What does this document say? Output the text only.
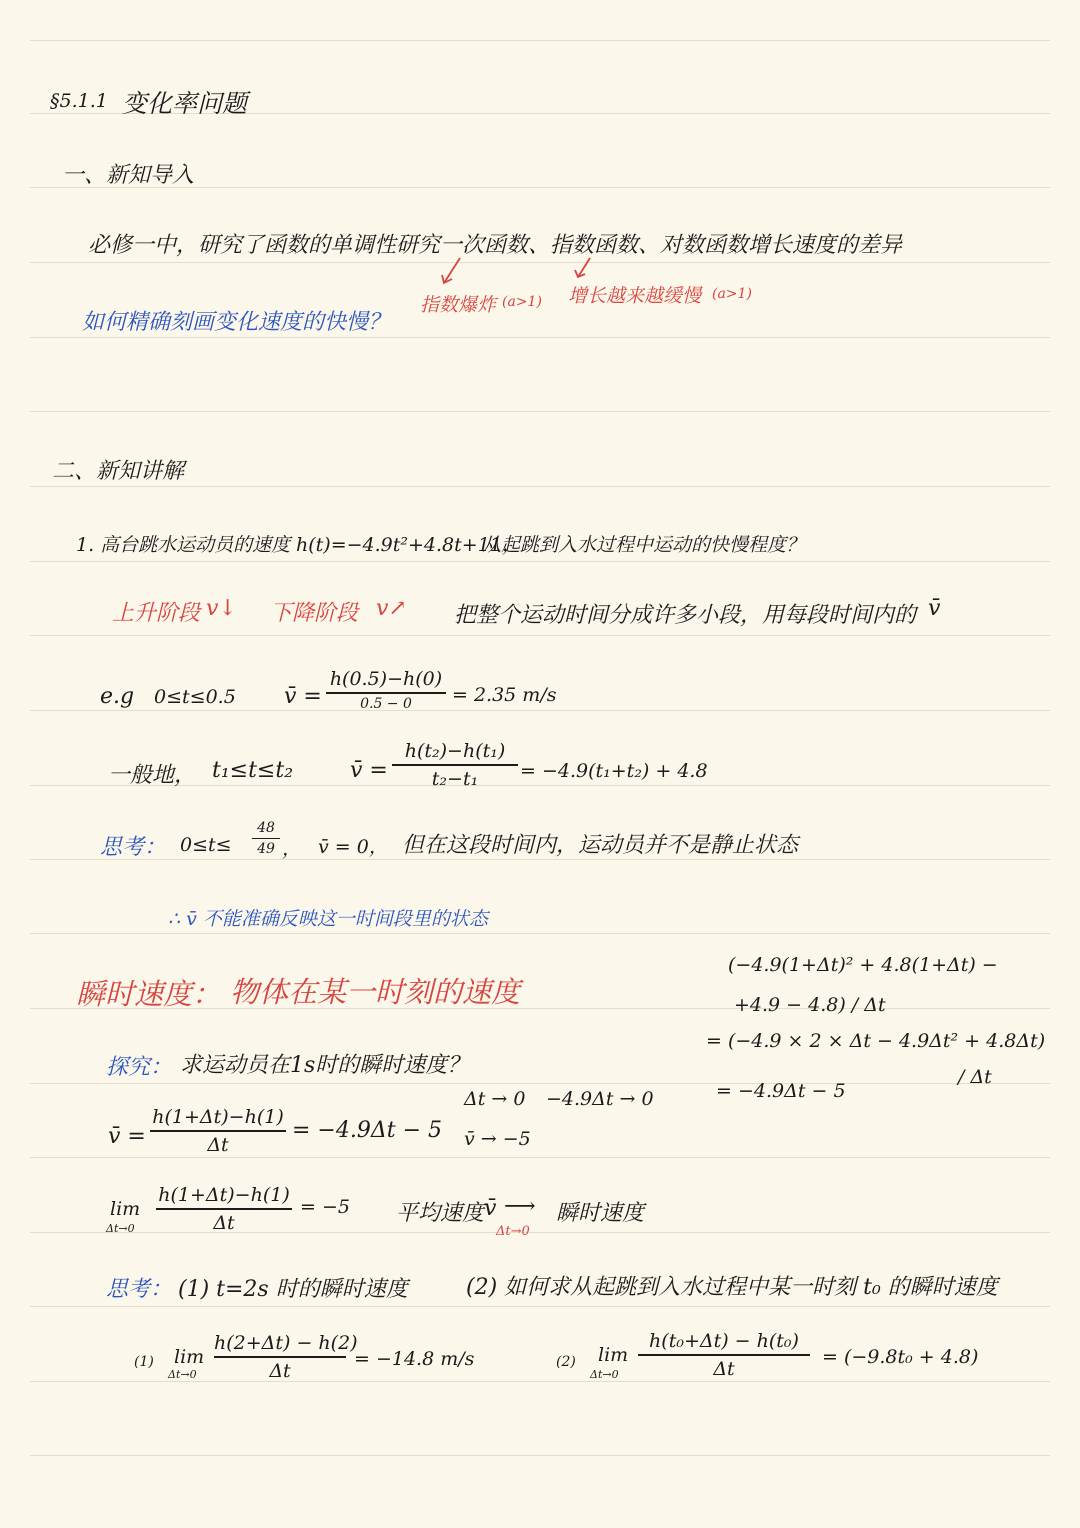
§5.1.1 变化率问题
一、新知导入
必修一中，研究了函数的单调性研究一次函数、指数函数、对数函数增长速度的差异
指数爆炸 (a>1) 增长越来越缓慢 (a>1)
如何精确刻画变化速度的快慢？
二、新知讲解
1. 高台跳水运动员的速度 h(t)=−4.9t²+4.8t+11，
从起跳到入水过程中运动的快慢程度？
上升阶段 v↓ 下降阶段 v↗ 把整个运动时间分成许多小段，用每段时间内的 v̄
e.g 0≤t≤0.5 v̄ =
h(0.5)−h(0)
0.5 − 0	= 2.35 m/s
一般地， t₁≤t≤t₂	v̄ =
h(t₂)−h(t₁)
t₂−t₁	= −4.9(t₁+t₂) + 4.8
思考： 0≤t≤
48
49 ， v̄ = 0， 但在这段时间内，运动员并不是静止状态
∴ v̄ 不能准确反映这一时间段里的状态
瞬时速度： 物体在某一时刻的速度
(−4.9(1+Δt)² + 4.8(1+Δt) −
+4.9 − 4.8) / Δt
= (−4.9 × 2 × Δt − 4.9Δt² + 4.8Δt)
/ Δt
= −4.9Δt − 5
探究： 求运动员在1s时的瞬时速度？
v̄ =
h(1+Δt)−h(1)
Δt
= −4.9Δt − 5
Δt → 0 −4.9Δt → 0
v̄ → −5
lim
Δt→0
h(1+Δt)−h(1)
Δt
= −5 平均速度 v̄ ⟶
Δt→0
瞬时速度
思考： (1) t=2s 时的瞬时速度	(2) 如何求从起跳到入水过程中某一时刻 t₀ 的瞬时速度
(1) lim
Δt→0
h(2+Δt) − h(2)
Δt
= −14.8 m/s	(2) lim
Δt→0
h(t₀+Δt) − h(t₀)
Δt
= (−9.8t₀ + 4.8)
